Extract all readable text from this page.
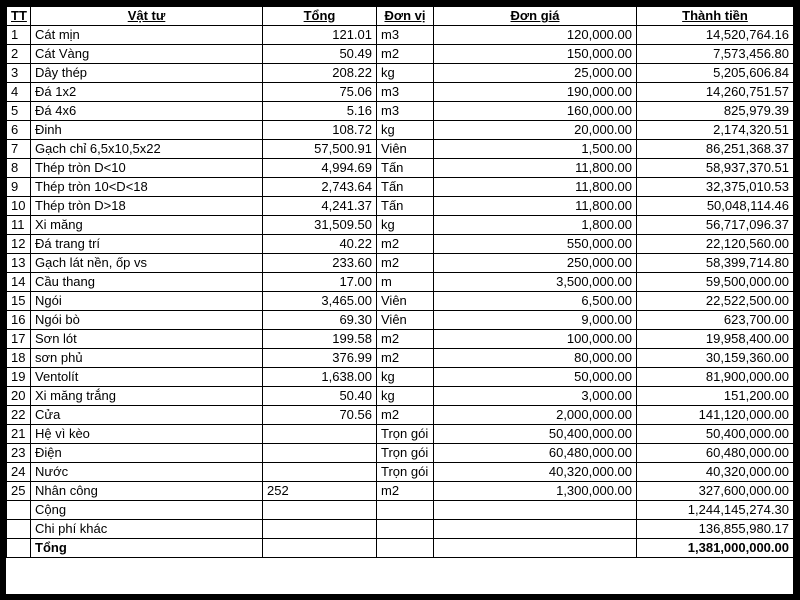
TT	Vật tư	Tổng	Đơn vị	Đơn giá	Thành tiền
1	Cát mịn	121.01	m3	120,000.00	14,520,764.16
2	Cát Vàng	50.49	m2	150,000.00	7,573,456.80
3	Dây thép	208.22	kg	25,000.00	5,205,606.84
4	Đá 1x2	75.06	m3	190,000.00	14,260,751.57
5	Đá 4x6	5.16	m3	160,000.00	825,979.39
6	Đinh	108.72	kg	20,000.00	2,174,320.51
7	Gạch chỉ 6,5x10,5x22	57,500.91	Viên	1,500.00	86,251,368.37
8	Thép tròn D<10	4,994.69	Tấn	11,800.00	58,937,370.51
9	Thép tròn 10<D<18	2,743.64	Tấn	11,800.00	32,375,010.53
10	Thép tròn D>18	4,241.37	Tấn	11,800.00	50,048,114.46
11	Xi măng	31,509.50	kg	1,800.00	56,717,096.37
12	Đá trang trí	40.22	m2	550,000.00	22,120,560.00
13	Gạch lát nền, ốp vs	233.60	m2	250,000.00	58,399,714.80
14	Cầu thang	17.00	m	3,500,000.00	59,500,000.00
15	Ngói	3,465.00	Viên	6,500.00	22,522,500.00
16	Ngói bò	69.30	Viên	9,000.00	623,700.00
17	Sơn lót	199.58	m2	100,000.00	19,958,400.00
18	sơn phủ	376.99	m2	80,000.00	30,159,360.00
19	Ventolít	1,638.00	kg	50,000.00	81,900,000.00
20	Xi măng trắng	50.40	kg	3,000.00	151,200.00
22	Cửa	70.56	m2	2,000,000.00	141,120,000.00
21	Hệ vì kèo		Trọn gói	50,400,000.00	50,400,000.00
23	Điện		Trọn gói	60,480,000.00	60,480,000.00
24	Nước		Trọn gói	40,320,000.00	40,320,000.00
25	Nhân công	252	m2	1,300,000.00	327,600,000.00
	Cộng				1,244,145,274.30
	Chi phí khác				136,855,980.17
	Tổng				1,381,000,000.00
